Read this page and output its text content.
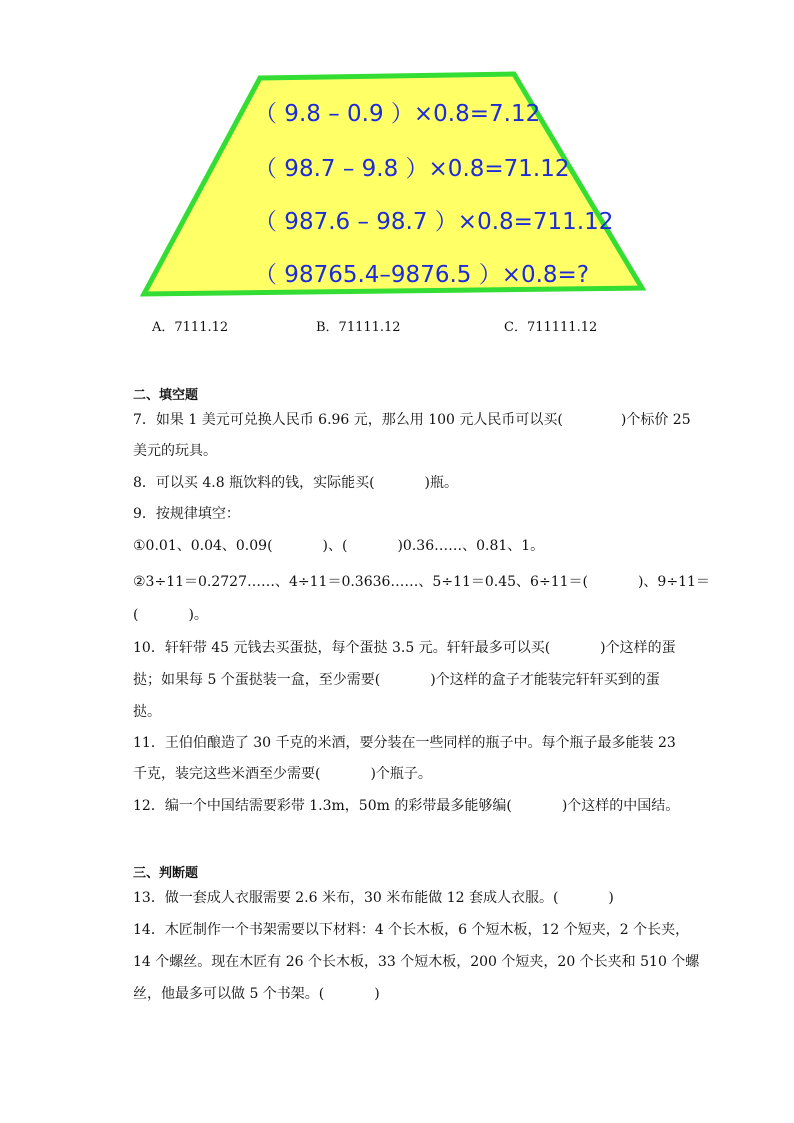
（ 9.8 – 0.9 ）×0.8=7.12
（ 98.7 – 9.8 ）×0.8=71.12
（ 987.6 – 98.7 ）×0.8=711.12
（ 98765.4–9876.5 ）×0.8=?
A．7111.12	B．71111.12	C．711111.12
二、填空题
7．如果 1 美元可兑换人民币 6.96 元，那么用 100 元人民币可以买(	)个标价 25
美元的玩具。
8．可以买 4.8 瓶饮料的钱，实际能买(	)瓶。
9．按规律填空：
①0.01、0.04、0.09(	)、(	)0.36……、0.81、1。
②3÷11＝0.2727……、4÷11＝0.3636……、5÷11＝0.45、6÷11＝(	)、9÷11＝
(	)。
10．轩轩带 45 元钱去买蛋挞，每个蛋挞 3.5 元。轩轩最多可以买(	)个这样的蛋
挞；如果每 5 个蛋挞装一盒，至少需要(	)个这样的盒子才能装完轩轩买到的蛋
挞。
11．王伯伯酿造了 30 千克的米酒，要分装在一些同样的瓶子中。每个瓶子最多能装 23
千克，装完这些米酒至少需要(	)个瓶子。
12．编一个中国结需要彩带 1.3m，50m 的彩带最多能够编(	)个这样的中国结。
三、判断题
13．做一套成人衣服需要 2.6 米布，30 米布能做 12 套成人衣服。(	)
14．木匠制作一个书架需要以下材料：4 个长木板，6 个短木板，12 个短夹，2 个长夹，
14 个螺丝。现在木匠有 26 个长木板，33 个短木板，200 个短夹，20 个长夹和 510 个螺
丝，他最多可以做 5 个书架。(	)
